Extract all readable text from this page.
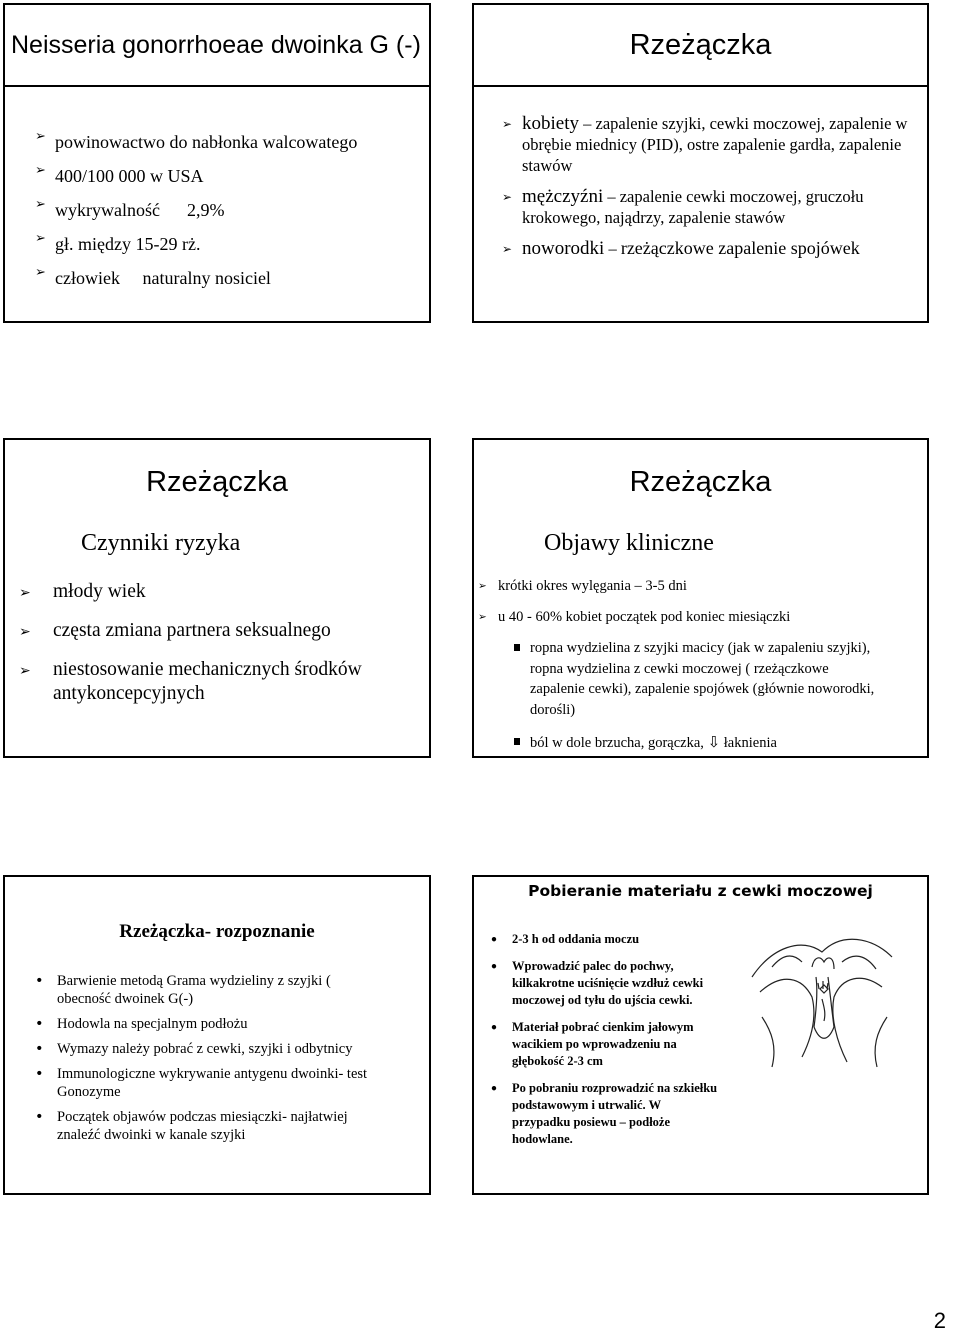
Neisseria gonorrhoeae dwoinka G (-)
➢ powinowactwo do nabłonka walcowatego
➢ 400/100 000 w USA
➢ wykrywalność      2,9%
➢ gł. między 15-29 rż.
➢ człowiek     naturalny nosiciel
Rzeżączka
➢ kobiety – zapalenie szyjki, cewki moczowej, zapalenie w obrębie miednicy (PID), ostre zapalenie gardła, zapalenie stawów
➢ mężczyźni – zapalenie cewki moczowej, gruczołu krokowego, najądrzy, zapalenie stawów
➢ noworodki – rzeżączkowe zapalenie spojówek
Rzeżączka
Czynniki ryzyka
➢ młody wiek
➢ częsta zmiana partnera seksualnego
➢ niestosowanie mechanicznych środków antykoncepcyjnych
Rzeżączka
Objawy kliniczne
➢ krótki okres wylęgania – 3-5 dni
➢ u 40 - 60% kobiet początek pod koniec miesiączki
ropna wydzielina z szyjki macicy (jak w zapaleniu szyjki), ropna wydzielina z cewki moczowej ( rzeżączkowe zapalenie cewki), zapalenie spojówek (głównie noworodki, dorośli)
ból w dole brzucha, gorączka, ⇩ łaknienia
Rzeżączka- rozpoznanie
• Barwienie metodą Grama wydzieliny z szyjki ( obecność dwoinek G(-)
• Hodowla na specjalnym podłożu
• Wymazy należy pobrać z cewki, szyjki i odbytnicy
• Immunologiczne wykrywanie antygenu dwoinki- test Gonozyme
• Początek objawów podczas miesiączki- najłatwiej znaleźć dwoinki w kanale szyjki
Pobieranie materiału z cewki moczowej
• 2-3 h od oddania moczu
• Wprowadzić palec do pochwy, kilkakrotne uciśnięcie wzdłuż cewki moczowej od tyłu do ujścia cewki.
• Materiał pobrać cienkim jałowym wacikiem po wprowadzeniu na głębokość 2-3 cm
• Po pobraniu rozprowadzić na szkiełku podstawowym i utrwalić. W przypadku posiewu – podłoże hodowlane.
2
